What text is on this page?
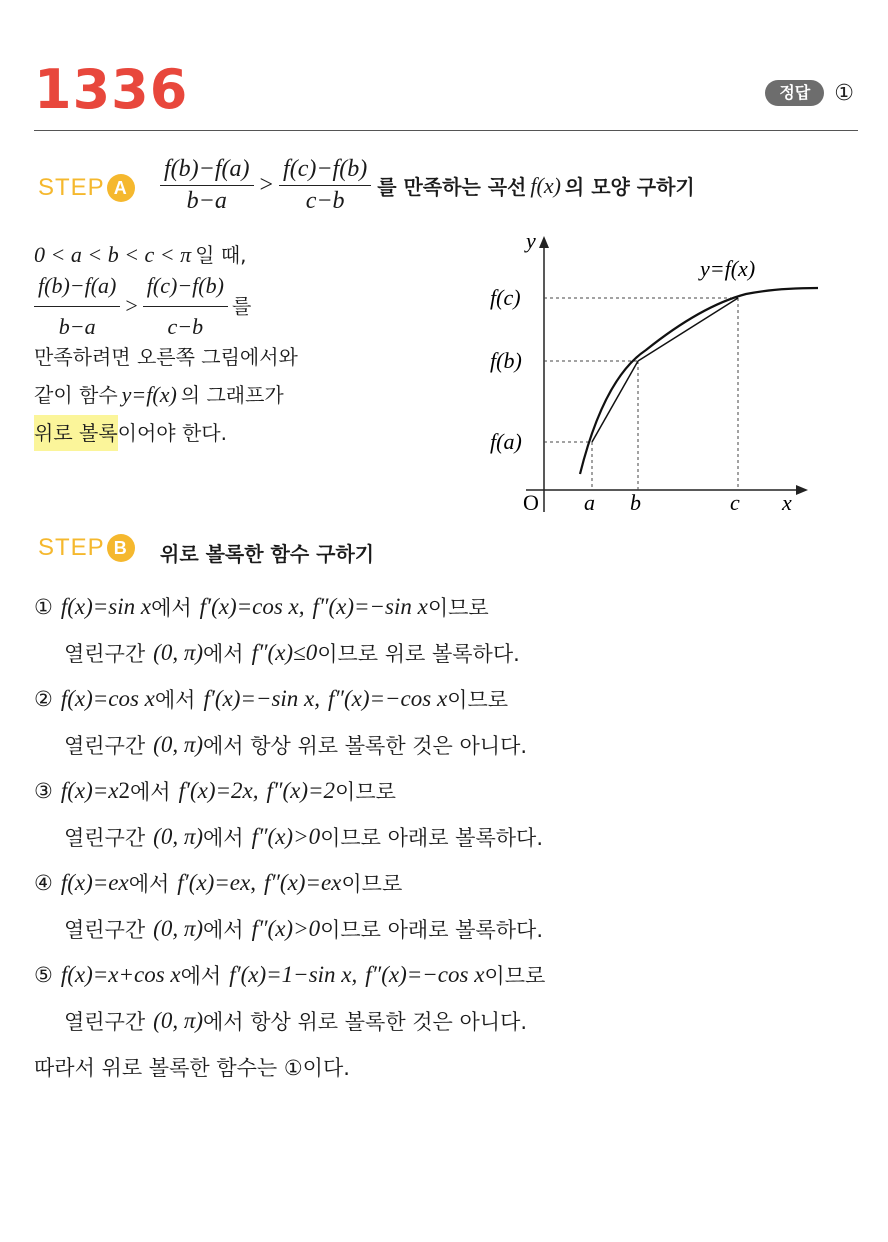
1336	정답	①
STEP A $\frac{f(b)-f(a)}{b-a} > \frac{f(c)-f(b)}{c-b}$ 를 만족하는 곡선 f(x) 의 모양 구하기
0 < a < b < c < π 일 때,
$\frac{f(b)-f(a)}{b-a} > \frac{f(c)-f(b)}{c-b}$ 를
만족하려면 오른쪽 그림에서와
같이 함수 y=f(x) 의 그래프가
위로 볼록 이어야 한다.
y
x
O
y=f(x)
a b	c
f(a)
f(b)
f(c)
STEP B	위로 볼록한 함수 구하기
① f(x)=sin x 에서 f′(x)=cos x, f″(x)=−sin x 이므로
열린구간 (0, π) 에서 f″(x)≤0 이므로 위로 볼록하다.
② f(x)=cos x 에서 f′(x)=−sin x, f″(x)=−cos x 이므로
열린구간 (0, π) 에서 항상 위로 볼록한 것은 아니다.
③ f(x)=x 2 에서 f′(x)=2x, f″(x)=2 이므로
열린구간 (0, π) 에서 f″(x)>0 이므로 아래로 볼록하다.
④ f(x)=e x 에서 f′(x)=e x , f″(x)=e x 이므로
열린구간 (0, π) 에서 f″(x)>0 이므로 아래로 볼록하다.
⑤ f(x)=x+cos x 에서 f′(x)=1−sin x, f″(x)=−cos x 이므로
열린구간 (0, π) 에서 항상 위로 볼록한 것은 아니다.
따라서 위로 볼록한 함수는 ①이다.
